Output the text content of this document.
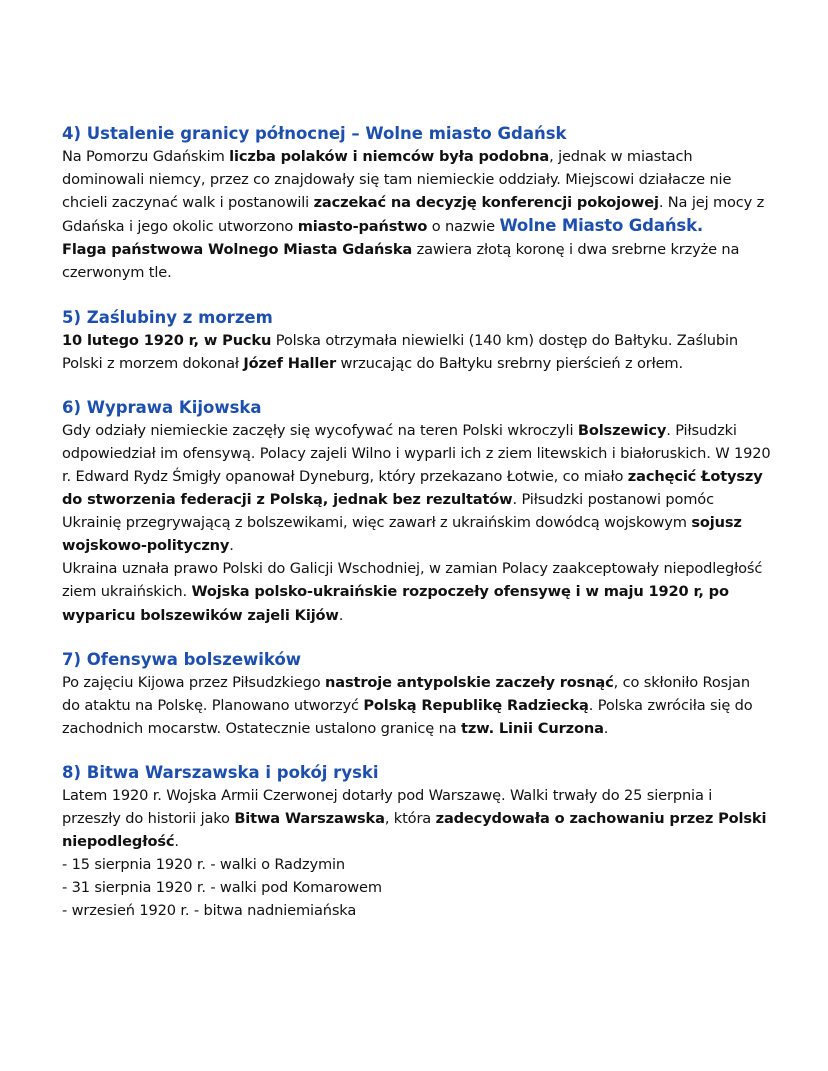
4) Ustalenie granicy północnej – Wolne miasto Gdańsk

Na Pomorzu Gdańskim liczba polaków i niemców była podobna, jednak w miastach dominowali niemcy, przez co znajdowały się tam niemieckie oddziały. Miejscowi działacze nie chcieli zaczynać walk i postanowili zaczekać na decyzję konferencji pokojowej. Na jej mocy z Gdańska i jego okolic utworzono miasto-państwo o nazwie Wolne Miasto Gdańsk.

Flaga państwowa Wolnego Miasta Gdańska zawiera złotą koronę i dwa srebrne krzyże na czerwonym tle.

5) Zaślubiny z morzem

10 lutego 1920 r, w Pucku Polska otrzymała niewielki (140 km) dostęp do Bałtyku. Zaślubin Polski z morzem dokonał Józef Haller wrzucając do Bałtyku srebrny pierścień z orłem.

6) Wyprawa Kijowska

Gdy odziały niemieckie zaczęły się wycofywać na teren Polski wkroczyli Bolszewicy. Piłsudzki odpowiedział im ofensywą. Polacy zajeli Wilno i wyparli ich z ziem litewskich i białoruskich. W 1920 r. Edward Rydz Śmigły opanował Dyneburg, który przekazano Łotwie, co miało zachęcić Łotyszy do stworzenia federacji z Polską, jednak bez rezultatów. Piłsudzki postanowi pomóc Ukrainię przegrywającą z bolszewikami, więc zawarł z ukraińskim dowódcą wojskowym sojusz wojskowo-polityczny.

Ukraina uznała prawo Polski do Galicji Wschodniej, w zamian Polacy zaakceptowały niepodległość ziem ukraińskich. Wojska polsko-ukraińskie rozpoczeły ofensywę i w maju 1920 r, po wyparicu bolszewików zajeli Kijów.

7) Ofensywa bolszewików

Po zajęciu Kijowa przez Piłsudzkiego nastroje antypolskie zaczeły rosnąć, co skłoniło Rosjan do ataktu na Polskę. Planowano utworzyć Polską Republikę Radziecką. Polska zwróciła się do zachodnich mocarstw. Ostatecznie ustalono granicę na tzw. Linii Curzona.

8) Bitwa Warszawska i pokój ryski

Latem 1920 r. Wojska Armii Czerwonej dotarły pod Warszawę. Walki trwały do 25 sierpnia i przeszły do historii jako Bitwa Warszawska, która zadecydowała o zachowaniu przez Polski niepodległość.

- 15 sierpnia 1920 r. - walki o Radzymin
- 31 sierpnia 1920 r. - walki pod Komarowem
- wrzesień 1920 r. - bitwa nadniemiańska
